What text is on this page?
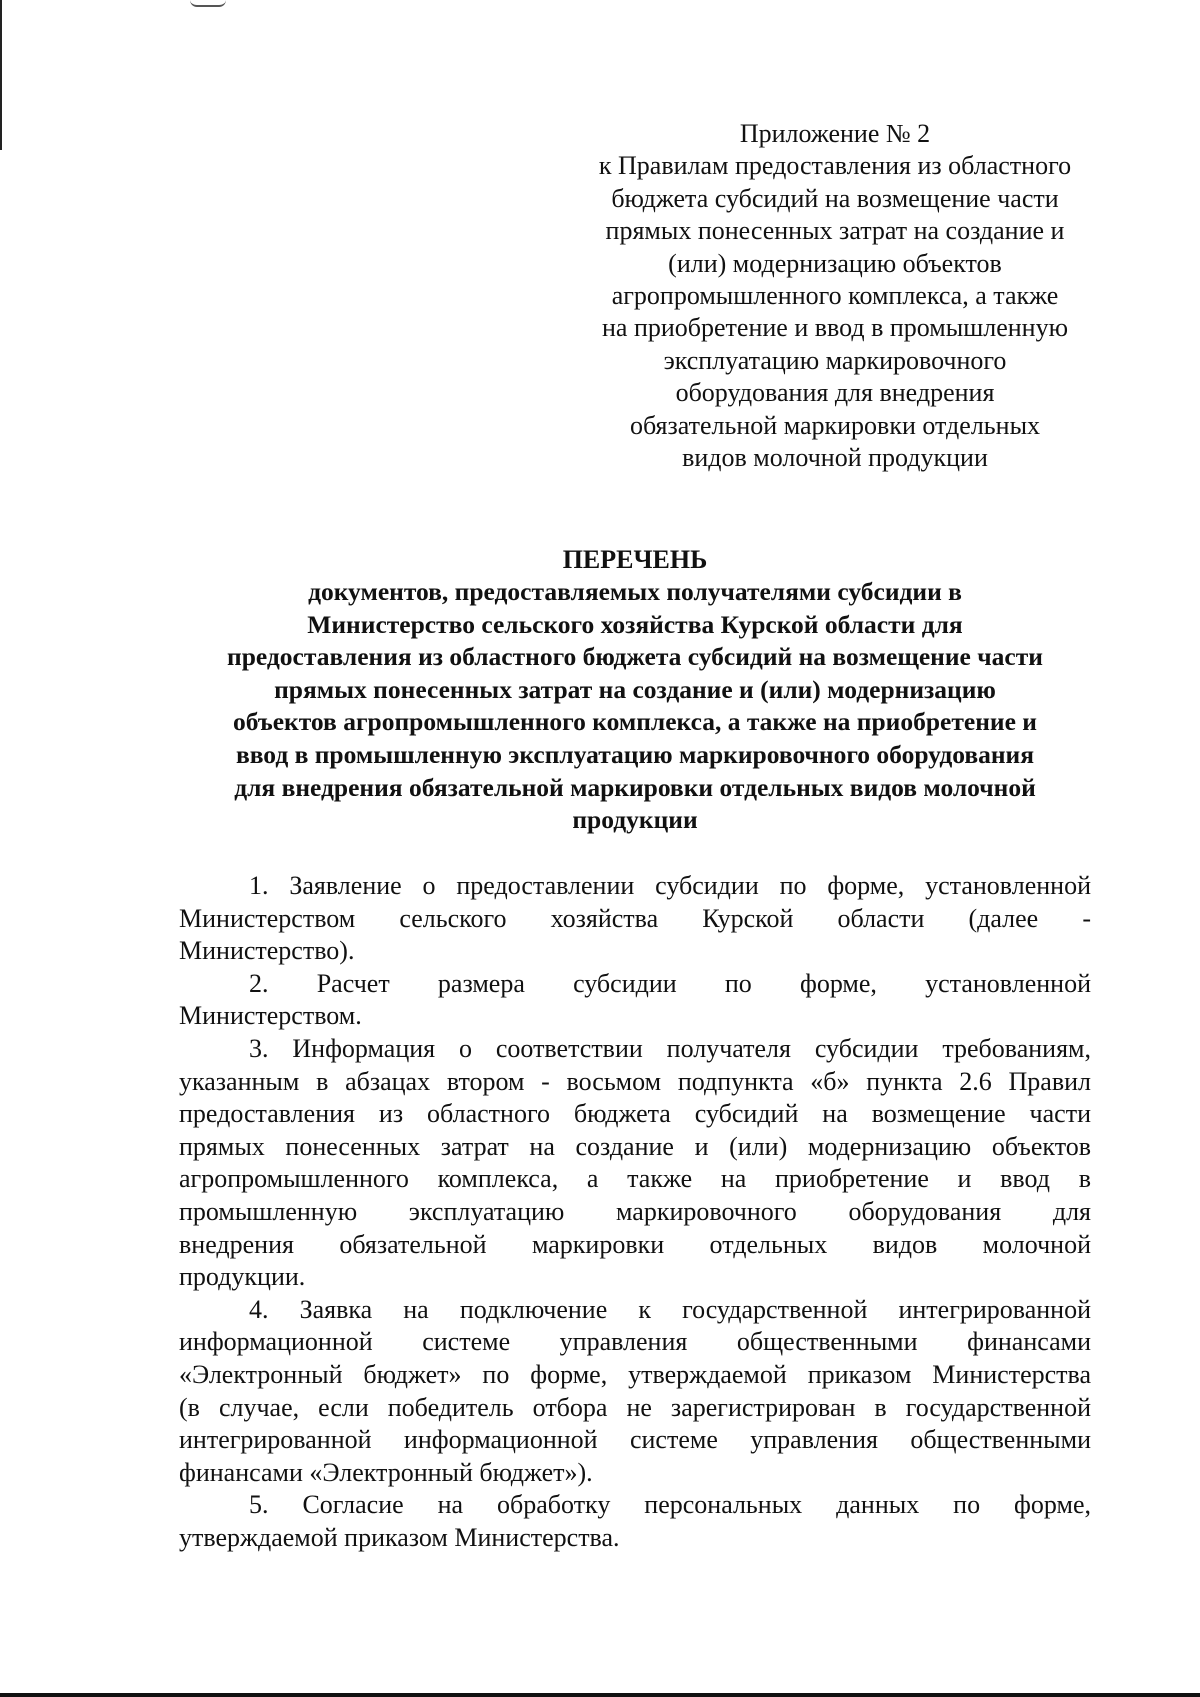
Приложение № 2
к Правилам предоставления из областного
бюджета субсидий на возмещение части
прямых понесенных затрат на создание и
(или) модернизацию объектов
агропромышленного комплекса, а также
на приобретение и ввод в промышленную
эксплуатацию маркировочного
оборудования для внедрения
обязательной маркировки отдельных
видов молочной продукции
ПЕРЕЧЕНЬ
документов, предоставляемых получателями субсидии в
Министерство сельского хозяйства Курской области для
предоставления из областного бюджета субсидий на возмещение части
прямых понесенных затрат на создание и (или) модернизацию
объектов агропромышленного комплекса, а также на приобретение и
ввод в промышленную эксплуатацию маркировочного оборудования
для внедрения обязательной маркировки отдельных видов молочной
продукции
1. Заявление о предоставлении субсидии по форме, установленной
Министерством сельского хозяйства Курской области (далее -
Министерство).
2. Расчет размера субсидии по форме, установленной
Министерством.
3. Информация о соответствии получателя субсидии требованиям,
указанным в абзацах втором - восьмом подпункта «б» пункта 2.6 Правил
предоставления из областного бюджета субсидий на возмещение части
прямых понесенных затрат на создание и (или) модернизацию объектов
агропромышленного комплекса, а также на приобретение и ввод в
промышленную эксплуатацию маркировочного оборудования для
внедрения обязательной маркировки отдельных видов молочной
продукции.
4. Заявка на подключение к государственной интегрированной
информационной системе управления общественными финансами
«Электронный бюджет» по форме, утверждаемой приказом Министерства
(в случае, если победитель отбора не зарегистрирован в государственной
интегрированной информационной системе управления общественными
финансами «Электронный бюджет»).
5. Согласие на обработку персональных данных по форме,
утверждаемой приказом Министерства.
